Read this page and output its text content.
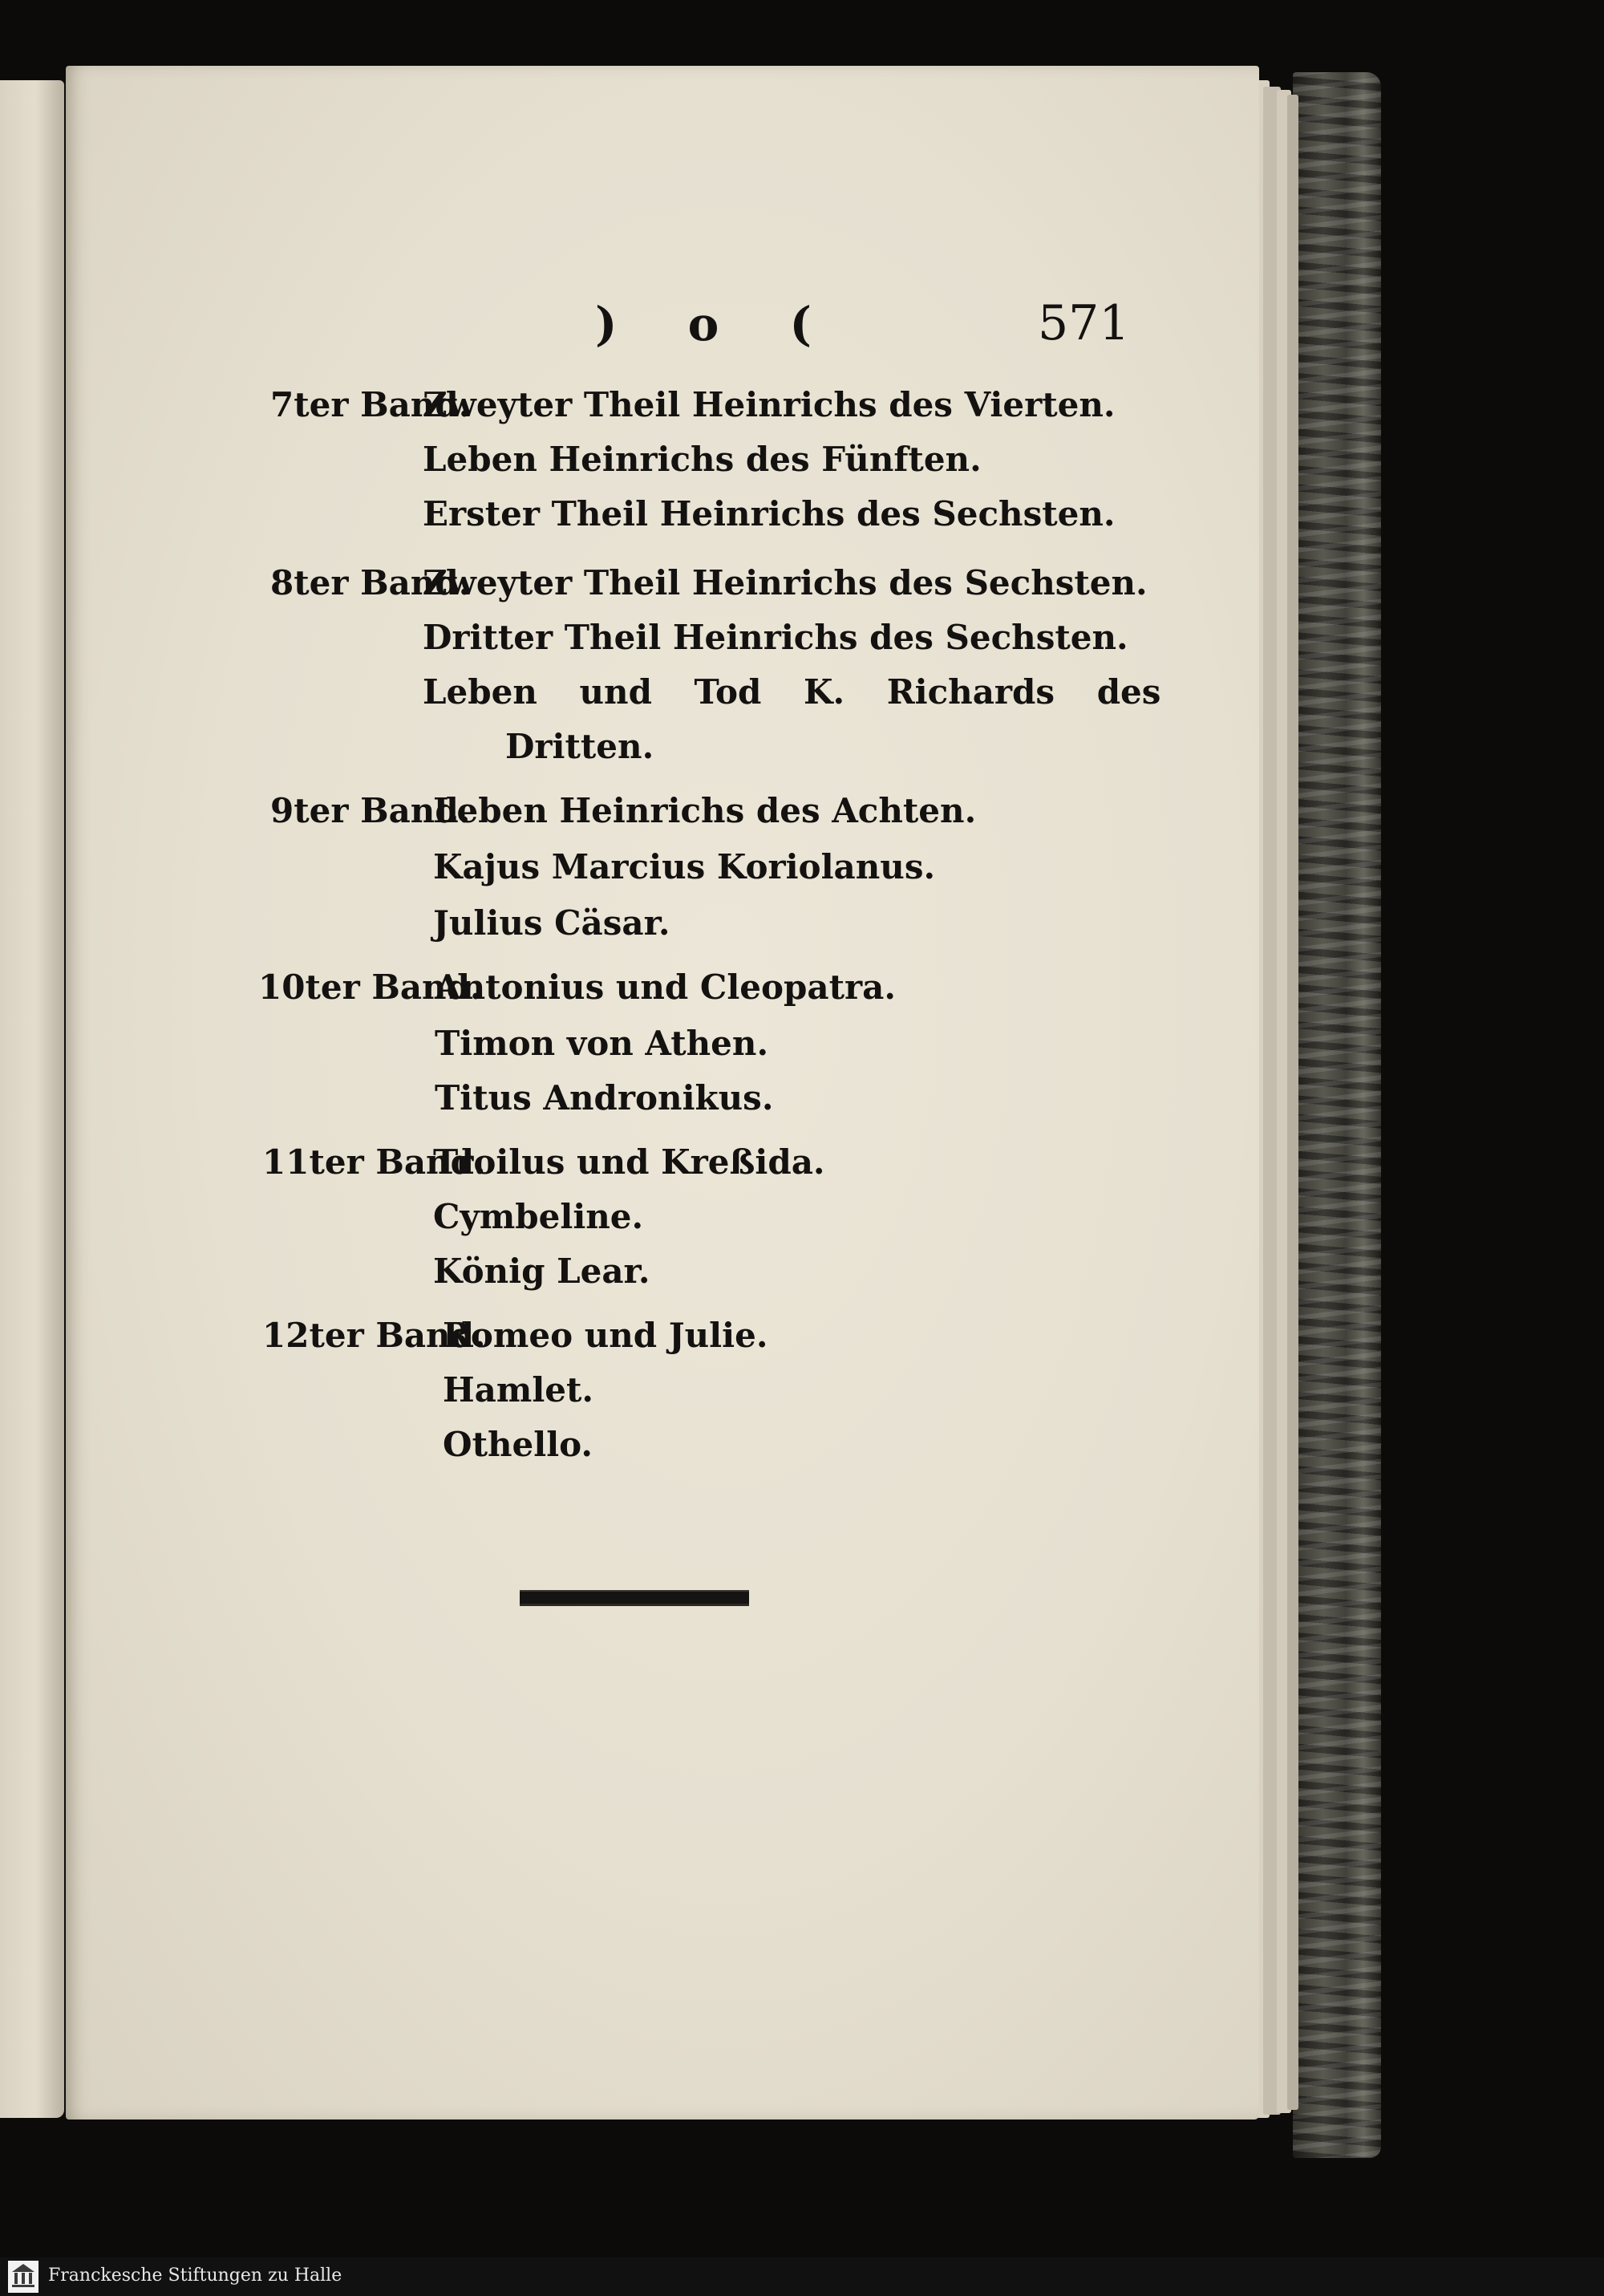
) o (	571
7ter Band.
Zweyter Theil Heinrichs des Vierten.
Leben Heinrichs des Fünften.
Erster Theil Heinrichs des Sechsten.
8ter Band.
Zweyter Theil Heinrichs des Sechsten.
Dritter Theil Heinrichs des Sechsten.
Leben und Tod K. Richards des
Dritten.
9ter Band.
Leben Heinrichs des Achten.
Kajus Marcius Koriolanus.
Julius Cäsar.
10ter Band.
Antonius und Cleopatra.
Timon von Athen.
Titus Andronikus.
11ter Band.
Troilus und Kreßida.
Cymbeline.
König Lear.
12ter Band.
Romeo und Julie.
Hamlet.
Othello.
Franckesche Stiftungen zu Halle
